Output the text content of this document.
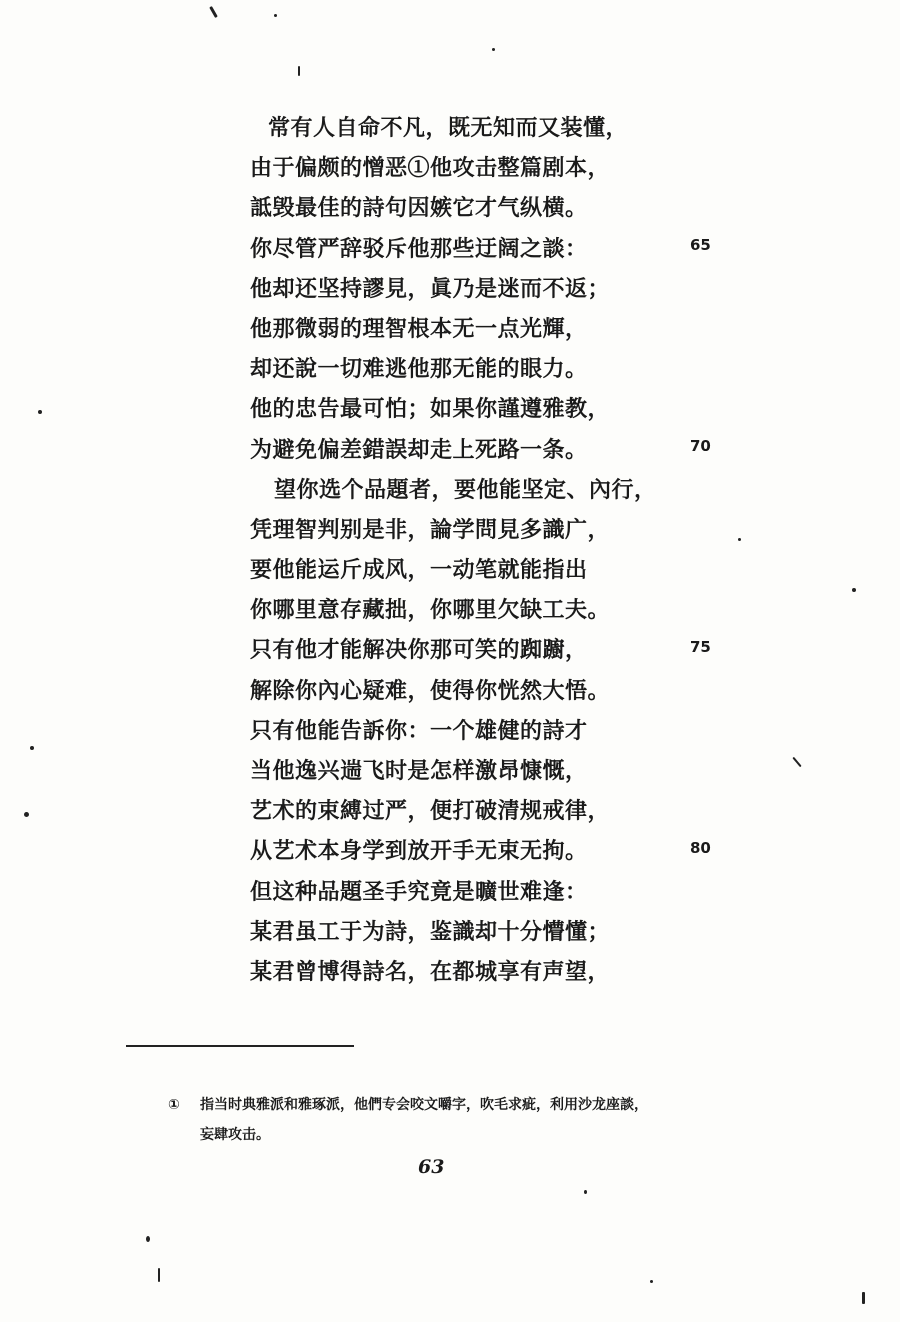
常有人自命不凡，既无知而又装懂，
由于偏颇的憎恶①他攻击整篇剧本，
詆毁最佳的詩句因嫉它才气纵横。
你尽管严辞驳斥他那些迂阔之談：
他却还坚持謬見，眞乃是迷而不返；
他那微弱的理智根本无一点光輝，
却还說一切难逃他那无能的眼力。
他的忠告最可怕；如果你謹遵雅教，
为避免偏差錯誤却走上死路一条。
望你选个品題者，要他能坚定、內行，
凭理智判别是非，論学問見多識广，
要他能运斤成风，一动笔就能指出
你哪里意存藏拙，你哪里欠缺工夫。
只有他才能解决你那可笑的踟躕，
解除你內心疑难，使得你恍然大悟。
只有他能告訴你：一个雄健的詩才
当他逸兴遄飞时是怎样激昂慷慨，
艺术的束縛过严，便打破清规戒律，
从艺术本身学到放开手无束无拘。
但这种品題圣手究竟是曠世难逢：
某君虽工于为詩，鉴識却十分懵懂；
某君曾博得詩名，在都城享有声望，
65
70
75
80
① 指当时典雅派和雅琢派，他們专会咬文嚼字，吹毛求疵，利用沙龙座談，
妄肆攻击。
63
